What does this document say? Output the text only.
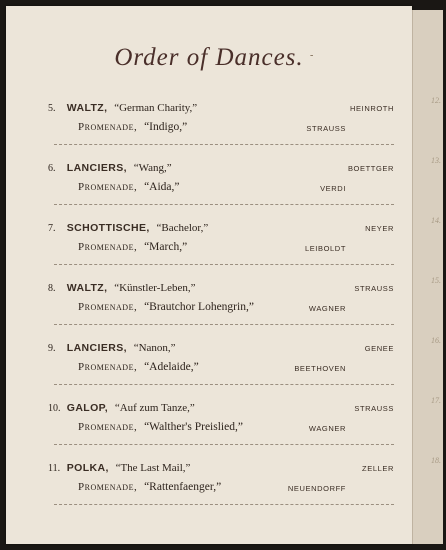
Order of Dances. -
5. WALTZ, “German Charity,”	HEINROTH
Promenade, “Indigo,”	STRAUSS
6. LANCIERS, “Wang,”	BOETTGER
Promenade, “Aida,”	VERDI
7. SCHOTTISCHE, “Bachelor,”	NEYER
Promenade, “March,”	LEIBOLDT
8. WALTZ, “Künstler-Leben,”	STRAUSS
Promenade, “Brautchor Lohengrin,”	WAGNER
9. LANCIERS, “Nanon,”	GENEE
Promenade, “Adelaide,”	BEETHOVEN
10. GALOP, “Auf zum Tanze,”	STRAUSS
Promenade, “Walther's Preislied,”	WAGNER
11. POLKA, “The Last Mail,”	ZELLER
Promenade, “Rattenfaenger,”	NEUENDORFF
12.
13.
14.
15.
16.
17.
18.
